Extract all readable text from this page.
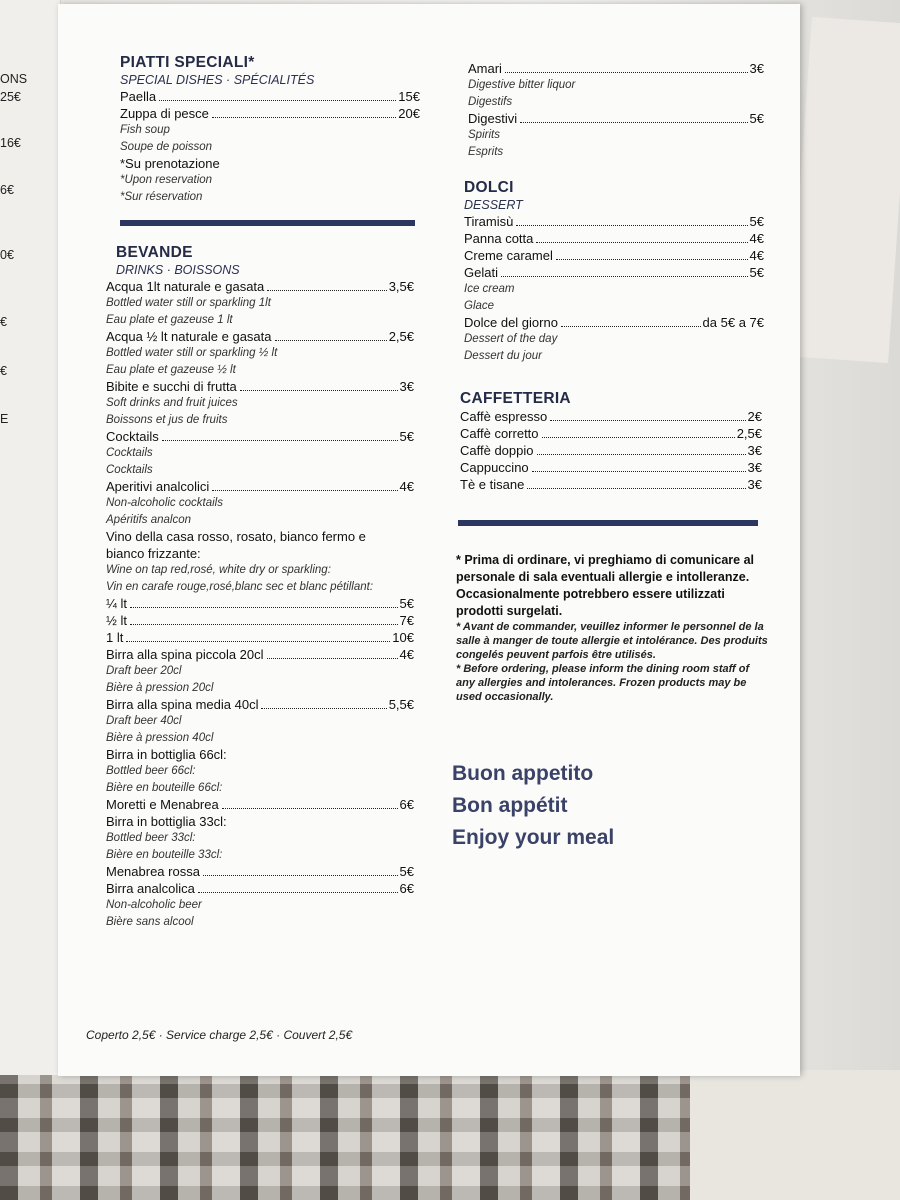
ONS
25€
16€
6€
0€
€
€
E
PIATTI SPECIALI*
SPECIAL DISHES · SPÉCIALITÉS
Paella	15€
Zuppa di pesce	20€
Fish soup
Soupe de poisson
*Su prenotazione
*Upon reservation
*Sur réservation
BEVANDE
DRINKS · BOISSONS
Acqua 1lt naturale e gasata	3,5€
Bottled water still or sparkling 1lt
Eau plate et gazeuse 1 lt
Acqua ½ lt naturale e gasata	2,5€
Bottled water still or sparkling ½ lt
Eau plate et gazeuse ½ lt
Bibite e succhi di frutta	3€
Soft drinks and fruit juices
Boissons et jus de fruits
Cocktails	5€
Cocktails
Cocktails
Aperitivi analcolici	4€
Non-alcoholic cocktails
Apéritifs analcon
Vino della casa rosso, rosato, bianco fermo e bianco frizzante:
Wine on tap red,rosé, white dry or sparkling:
Vin en carafe rouge,rosé,blanc sec et blanc pétillant:
¼ lt	5€
½ lt	7€
1 lt	10€
Birra alla spina piccola 20cl	4€
Draft beer 20cl
Bière à pression 20cl
Birra alla spina media 40cl	5,5€
Draft beer 40cl
Bière à pression 40cl
Birra in bottiglia 66cl:
Bottled beer 66cl:
Bière en bouteille 66cl:
Moretti e Menabrea	6€
Birra in bottiglia 33cl:
Bottled beer 33cl:
Bière en bouteille 33cl:
Menabrea rossa	5€
Birra analcolica	6€
Non-alcoholic beer
Bière sans alcool
Amari	3€
Digestive bitter liquor
Digestifs
Digestivi	5€
Spirits
Esprits
DOLCI
DESSERT
Tiramisù	5€
Panna cotta	4€
Creme caramel	4€
Gelati	5€
Ice cream
Glace
Dolce del giorno	da 5€ a 7€
Dessert of the day
Dessert du jour
CAFFETTERIA
Caffè espresso	2€
Caffè corretto	2,5€
Caffè doppio	3€
Cappuccino	3€
Tè e tisane	3€
* Prima di ordinare, vi preghiamo di comunicare al personale di sala eventuali allergie e intolleranze. Occasionalmente potrebbero essere utilizzati prodotti surgelati.
* Avant de commander, veuillez informer le personnel de la salle à manger de toute allergie et intolérance. Des produits congelés peuvent parfois être utilisés.
* Before ordering, please inform the dining room staff of any allergies and intolerances. Frozen products may be used occasionally.
Buon appetito
Bon appétit
Enjoy your meal
Coperto 2,5€ · Service charge 2,5€ · Couvert 2,5€
